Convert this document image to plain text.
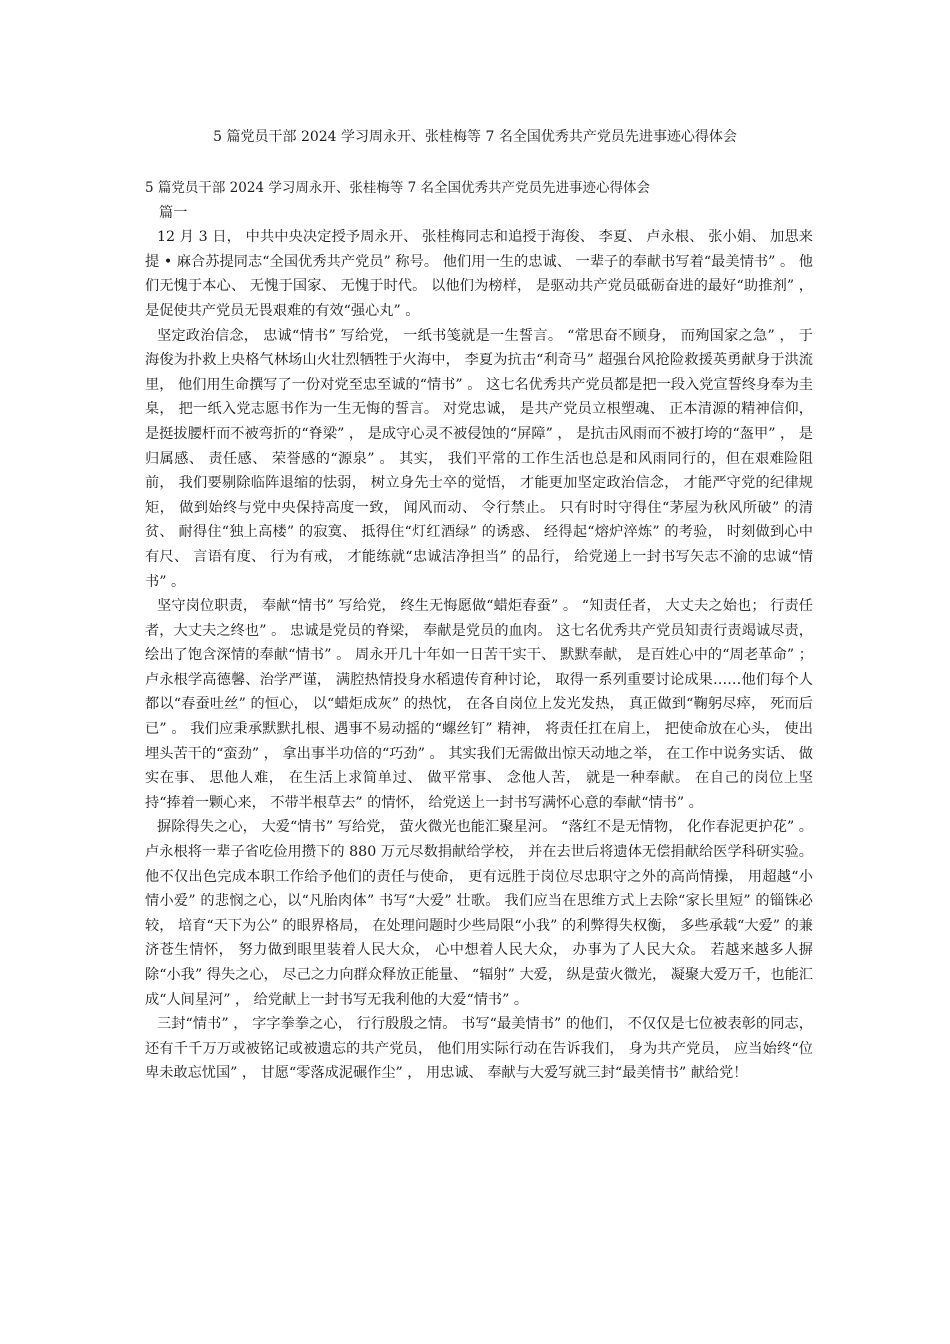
5 篇党员干部 2024 学习周永开、张桂梅等 7 名全国优秀共产党员先进事迹心得体会

5 篇党员干部 2024 学习周永开、张桂梅等 7 名全国优秀共产党员先进事迹心得体会

篇一

12 月 3 日， 中共中央决定授予周永开、 张桂梅同志和追授于海俊、 李夏、 卢永根、 张小娟、 加思来提 • 麻合苏提同志“全国优秀共产党员” 称号。 他们用一生的忠诚、 一辈子的奉献书写着“最美情书” 。 他们无愧于本心、 无愧于国家、 无愧于时代。 以他们为榜样， 是驱动共产党员砥砺奋进的最好“助推剂” ， 是促使共产党员无畏艰难的有效“强心丸” 。

坚定政治信念， 忠诚“情书” 写给党， 一纸书笺就是一生誓言。 “常思奋不顾身， 而殉国家之急” ， 于海俊为扑救上央格气林场山火壮烈牺牲于火海中， 李夏为抗击“利奇马” 超强台风抢险救援英勇献身于洪流里， 他们用生命撰写了一份对党至忠至诚的“情书” 。 这七名优秀共产党员都是把一段入党宣誓终身奉为圭臬， 把一纸入党志愿书作为一生无悔的誓言。 对党忠诚， 是共产党员立根塑魂、 正本清源的精神信仰， 是挺拔腰杆而不被弯折的“脊梁” ， 是成守心灵不被侵蚀的“屏障” ， 是抗击风雨而不被打垮的“盔甲” ， 是归属感、 责任感、 荣誉感的“源泉” 。 其实， 我们平常的工作生活也总是和风雨同行的，但在艰难险阻前， 我们要剔除临阵退缩的怯弱， 树立身先士卒的觉悟， 才能更加坚定政治信念， 才能严守党的纪律规矩， 做到始终与党中央保持高度一致， 闻风而动、 令行禁止。 只有时时守得住“茅屋为秋风所破” 的清贫、 耐得住“独上高楼” 的寂寞、 抵得住“灯红酒绿” 的诱惑、 经得起“熔炉淬炼” 的考验， 时刻做到心中有尺、 言语有度、 行为有戒， 才能练就“忠诚洁净担当” 的品行， 给党递上一封书写矢志不渝的忠诚“情书” 。

坚守岗位职责， 奉献“情书” 写给党， 终生无悔愿做“蜡炬春蚕” 。 “知责任者， 大丈夫之始也； 行责任者，大丈夫之终也” 。 忠诚是党员的脊梁， 奉献是党员的血肉。 这七名优秀共产党员知责行责竭诚尽责， 绘出了饱含深情的奉献“情书” 。 周永开几十年如一日苦干实干、 默默奉献， 是百姓心中的“周老革命” ； 卢永根学高德馨、治学严谨， 满腔热情投身水稻遗传育种讨论， 取得一系列重要讨论成果……他们每个人都以“春蚕吐丝” 的恒心， 以“蜡炬成灰” 的热忱， 在各自岗位上发光发热， 真正做到“鞠躬尽瘁， 死而后已” 。 我们应秉承默默扎根、遇事不易动摇的“螺丝钉” 精神， 将责任扛在肩上， 把使命放在心头， 使出埋头苦干的“蛮劲” ， 拿出事半功倍的“巧劲” 。 其实我们无需做出惊天动地之举， 在工作中说务实话、 做实在事、 思他人难， 在生活上求简单过、 做平常事、 念他人苦， 就是一种奉献。 在自己的岗位上坚持“捧着一颗心来， 不带半根草去” 的情怀， 给党送上一封书写满怀心意的奉献“情书” 。

摒除得失之心， 大爱“情书” 写给党， 萤火微光也能汇聚星河。 “落红不是无情物， 化作春泥更护花” 。 卢永根将一辈子省吃俭用攒下的 880 万元尽数捐献给学校， 并在去世后将遗体无偿捐献给医学科研实验。 他不仅出色完成本职工作给予他们的责任与使命， 更有远胜于岗位尽忠职守之外的高尚情操， 用超越“小情小爱” 的悲悯之心，以“凡胎肉体” 书写“大爱” 壮歌。 我们应当在思维方式上去除“家长里短” 的锱铢必较， 培育“天下为公” 的眼界格局， 在处理问题时少些局限“小我” 的利弊得失权衡， 多些承载“大爱” 的兼济苍生情怀， 努力做到眼里装着人民大众， 心中想着人民大众， 办事为了人民大众。 若越来越多人摒除“小我” 得失之心， 尽己之力向群众释放正能量、 “辐射” 大爱， 纵是萤火微光， 凝聚大爱万千，也能汇成“人间星河” ， 给党献上一封书写无我利他的大爱“情书” 。

三封“情书” ， 字字拳拳之心， 行行殷殷之情。 书写“最美情书” 的他们， 不仅仅是七位被表彰的同志， 还有千千万万或被铭记或被遗忘的共产党员， 他们用实际行动在告诉我们， 身为共产党员， 应当始终“位卑未敢忘忧国” ， 甘愿“零落成泥碾作尘” ， 用忠诚、 奉献与大爱写就三封“最美情书” 献给党！
